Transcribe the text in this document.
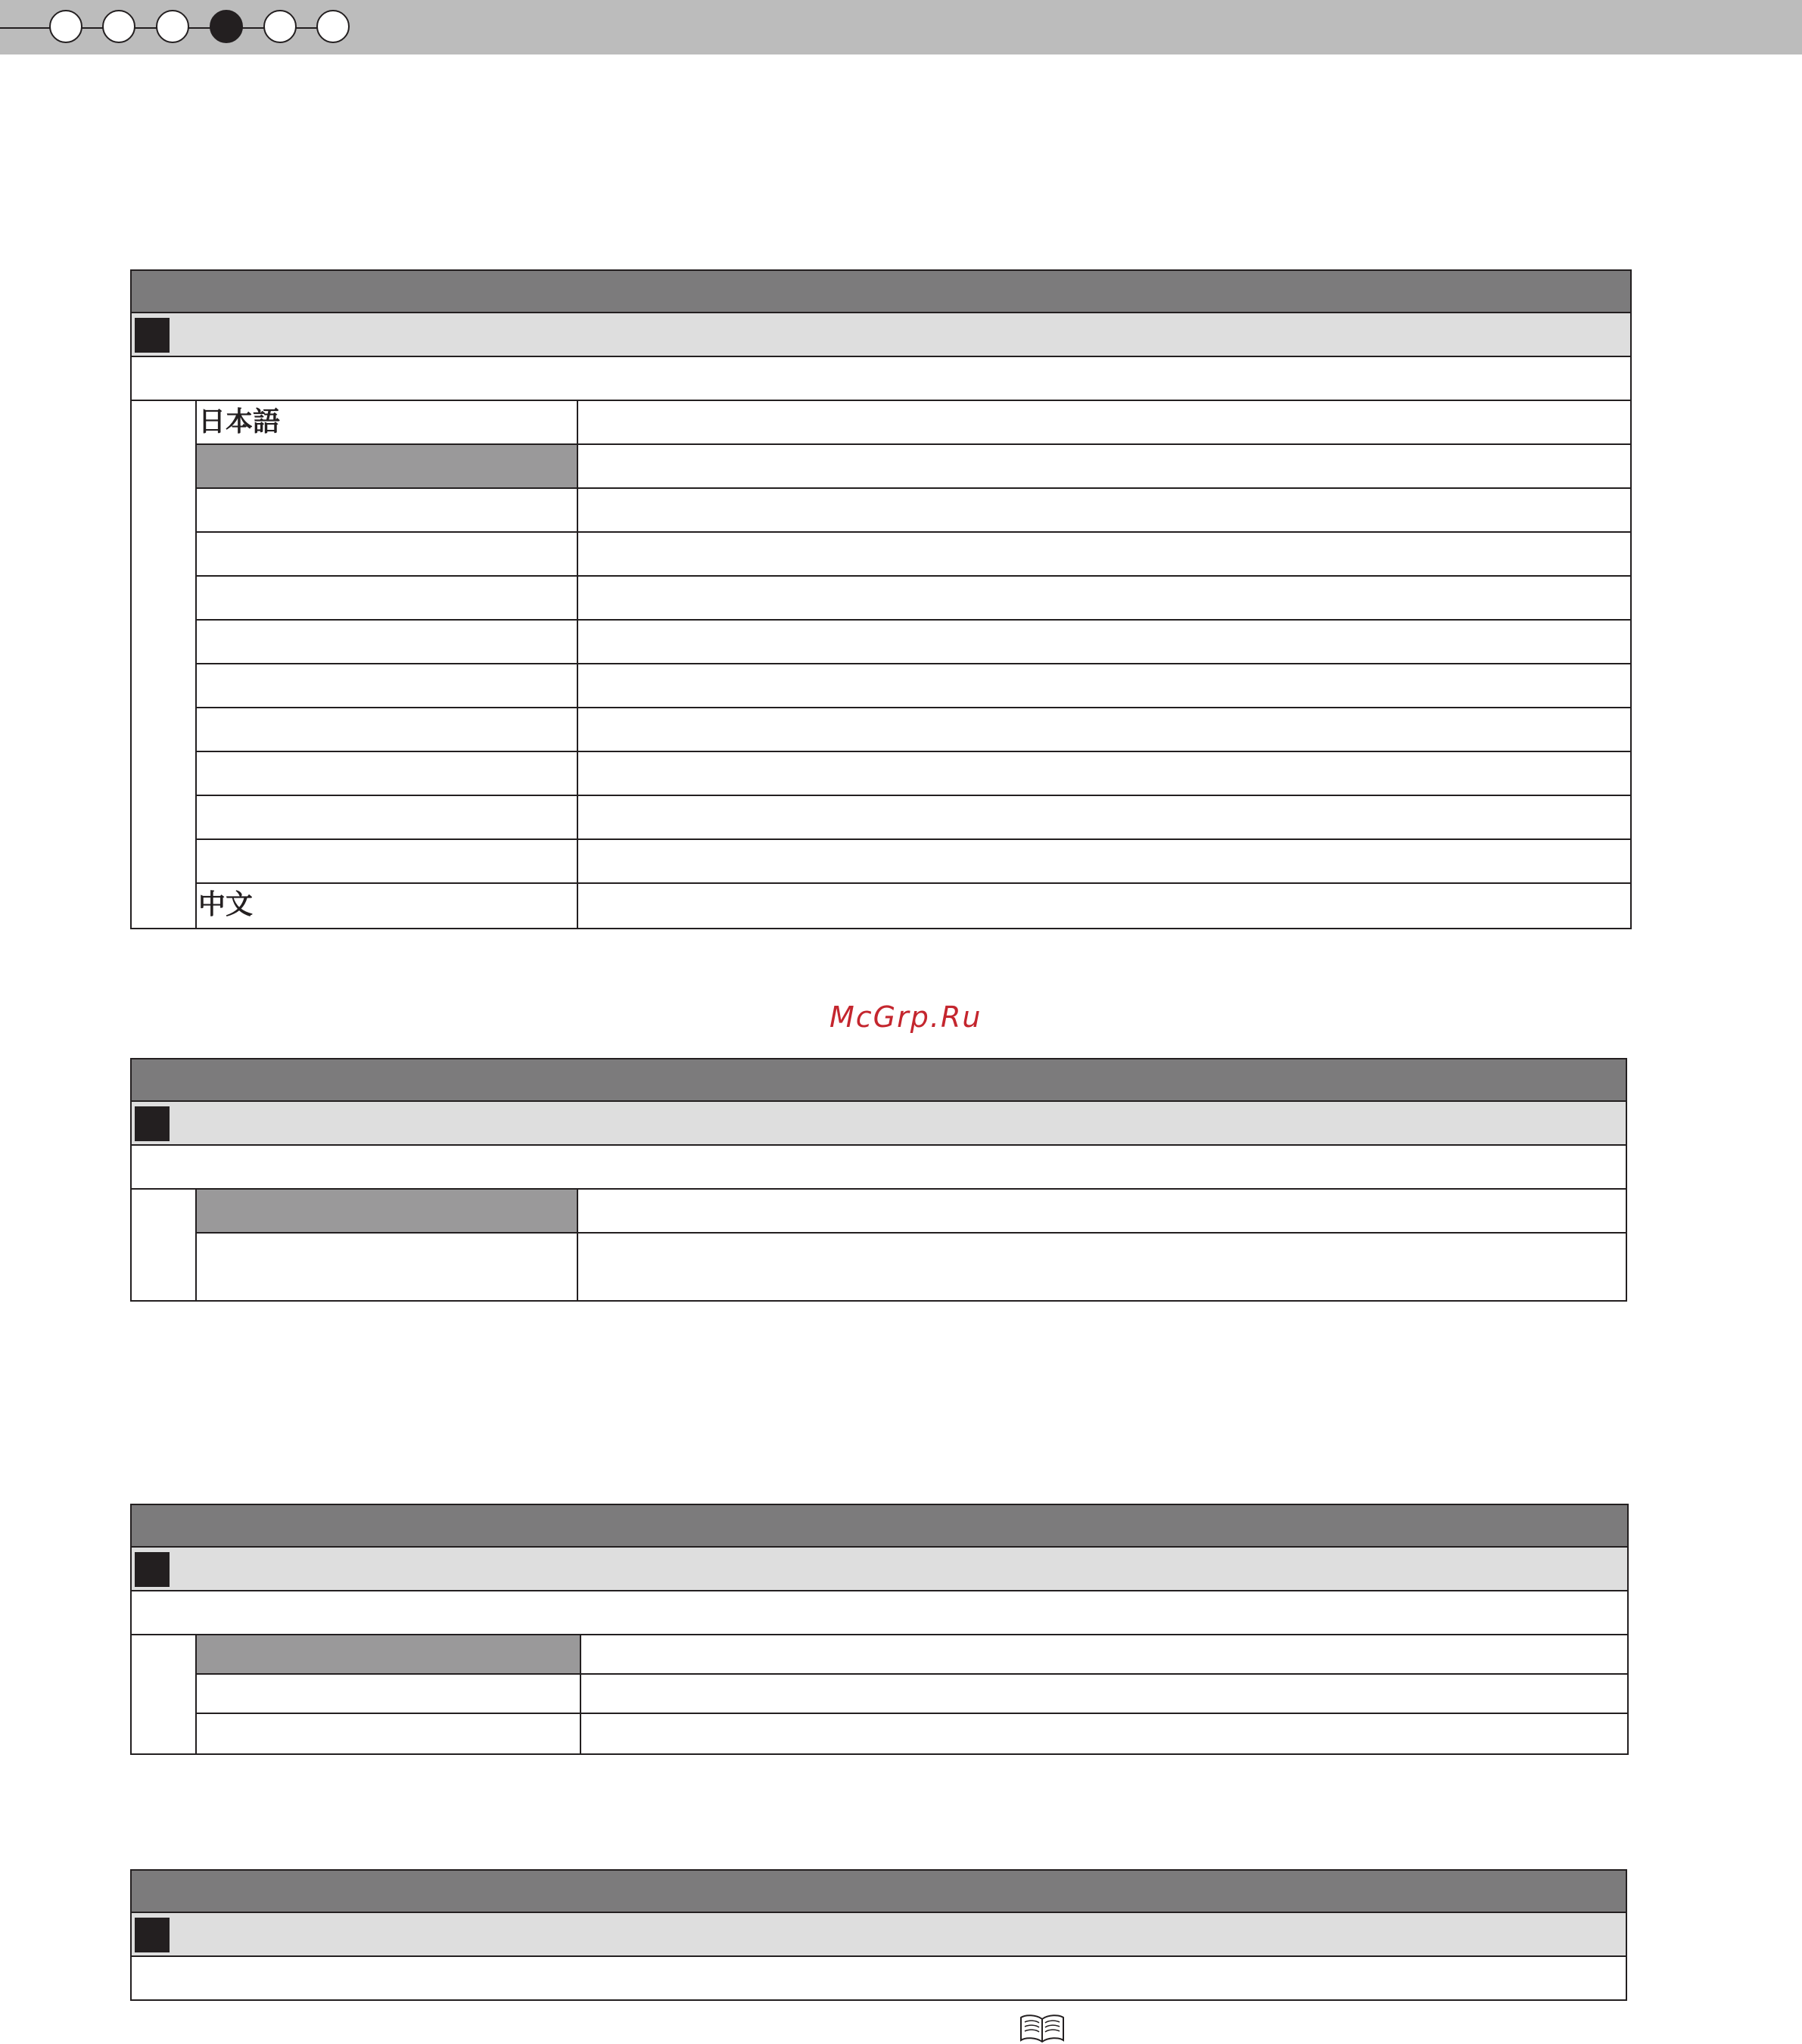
日本語
中文
McGrp.Ru
